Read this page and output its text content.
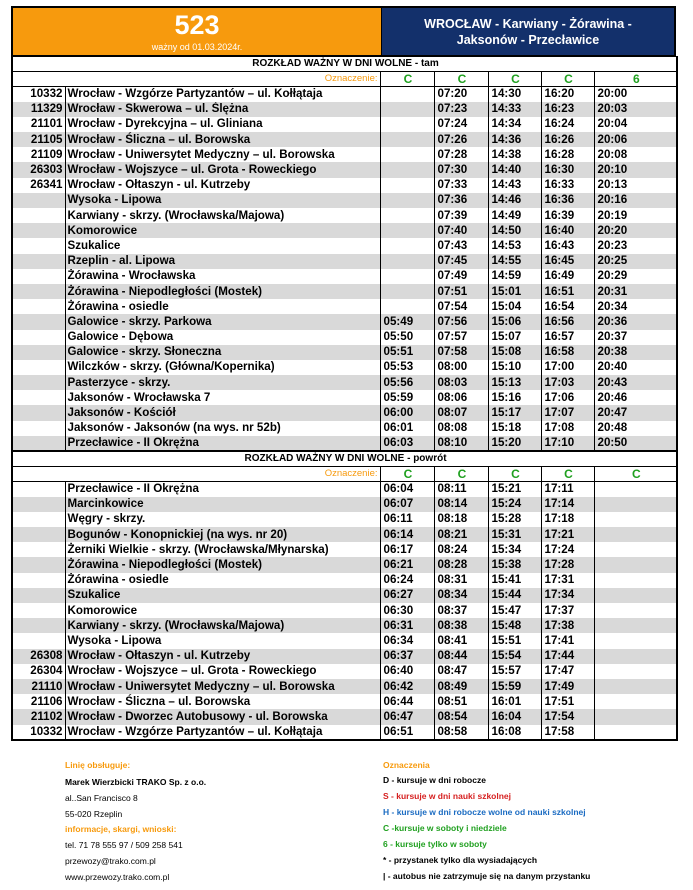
523
ważny od 01.03.2024r.
WROCŁAW - Karwiany - Żórawina - Jaksonów - Przecławice
ROZKŁAD WAŻNY W DNI WOLNE - tam						
Oznaczenie:		C	C	C	C	6
10332	Wrocław - Wzgórze Partyzantów – ul. Kołłątaja		07:20	14:30	16:20	20:00
11329	Wrocław - Skwerowa – ul. Ślężna		07:23	14:33	16:23	20:03
21101	Wrocław - Dyrekcyjna – ul. Gliniana		07:24	14:34	16:24	20:04
21105	Wrocław - Ślicznа – ul. Borowska		07:26	14:36	16:26	20:06
21109	Wrocław - Uniwersytet Medyczny – ul. Borowska		07:28	14:38	16:28	20:08
26303	Wrocław - Wojszyce – ul. Grota - Roweckiego		07:30	14:40	16:30	20:10
26341	Wrocław - Ołtaszyn - ul. Kutrzeby		07:33	14:43	16:33	20:13
	Wysoka - Lipowa		07:36	14:46	16:36	20:16
	Karwiany - skrzy. (Wrocławska/Majowa)		07:39	14:49	16:39	20:19
	Komorowice		07:40	14:50	16:40	20:20
	Szukalice		07:43	14:53	16:43	20:23
	Rzeplin - al. Lipowa		07:45	14:55	16:45	20:25
	Żórawina - Wrocławska		07:49	14:59	16:49	20:29
	Żórawina - Niepodległości (Mostek)		07:51	15:01	16:51	20:31
	Żórawina - osiedle		07:54	15:04	16:54	20:34
	Galowice - skrzy. Parkowa	05:49	07:56	15:06	16:56	20:36
	Galowice - Dębowa	05:50	07:57	15:07	16:57	20:37
	Galowice - skrzy. Słoneczna	05:51	07:58	15:08	16:58	20:38
	Wilczków - skrzy. (Główna/Kopernika)	05:53	08:00	15:10	17:00	20:40
	Pasterzyce - skrzy.	05:56	08:03	15:13	17:03	20:43
	Jaksonów - Wrocławska 7	05:59	08:06	15:16	17:06	20:46
	Jaksonów - Kościół	06:00	08:07	15:17	17:07	20:47
	Jaksonów - Jaksonów (na wys. nr 52b)	06:01	08:08	15:18	17:08	20:48
	Przecławice - II Okrężna	06:03	08:10	15:20	17:10	20:50
ROZKŁAD WAŻNY W DNI WOLNE - powrót						
Oznaczenie:		C	C	C	C	C
	Przecławice - II Okrężna	06:04	08:11	15:21	17:11	
	Marcinkowice	06:07	08:14	15:24	17:14	
	Węgry - skrzy.	06:11	08:18	15:28	17:18	
	Bogunów - Konopnickiej (na wys. nr 20)	06:14	08:21	15:31	17:21	
	Żerniki Wielkie - skrzy. (Wrocławska/Młynarska)	06:17	08:24	15:34	17:24	
	Żórawina - Niepodległości (Mostek)	06:21	08:28	15:38	17:28	
	Żórawina - osiedle	06:24	08:31	15:41	17:31	
	Szukalice	06:27	08:34	15:44	17:34	
	Komorowice	06:30	08:37	15:47	17:37	
	Karwiany - skrzy. (Wrocławska/Majowa)	06:31	08:38	15:48	17:38	
	Wysoka - Lipowa	06:34	08:41	15:51	17:41	
26308	Wrocław - Ołtaszyn - ul. Kutrzeby	06:37	08:44	15:54	17:44	
26304	Wrocław - Wojszyce – ul. Grota - Roweckiego	06:40	08:47	15:57	17:47	
21110	Wrocław - Uniwersytet Medyczny – ul. Borowska	06:42	08:49	15:59	17:49	
21106	Wrocław - Ślicznа – ul. Borowska	06:44	08:51	16:01	17:51	
21102	Wrocław - Dworzec Autobusowy - ul. Borowska	06:47	08:54	16:04	17:54	
10332	Wrocław - Wzgórze Partyzantów – ul. Kołłątaja	06:51	08:58	16:08	17:58	
Linię obsługuje:
Marek Wierzbicki TRAKO Sp. z o.o.
al..San Francisco 8
55-020 Rzeplin
informacje, skargi, wnioski:
tel. 71 78 555 97 / 509 258 541
przewozy@trako.com.pl
www.przewozy.trako.com.pl
Oznaczenia
D - kursuje w dni robocze
S - kursuje w dni nauki szkolnej
H - kursuje w dni robocze wolne od nauki szkolnej
C -kursuje w soboty i niedziele
6 - kursuje tylko w soboty
* - przystanek tylko dla wysiadających
| - autobus nie zatrzymuje się na danym przystanku
